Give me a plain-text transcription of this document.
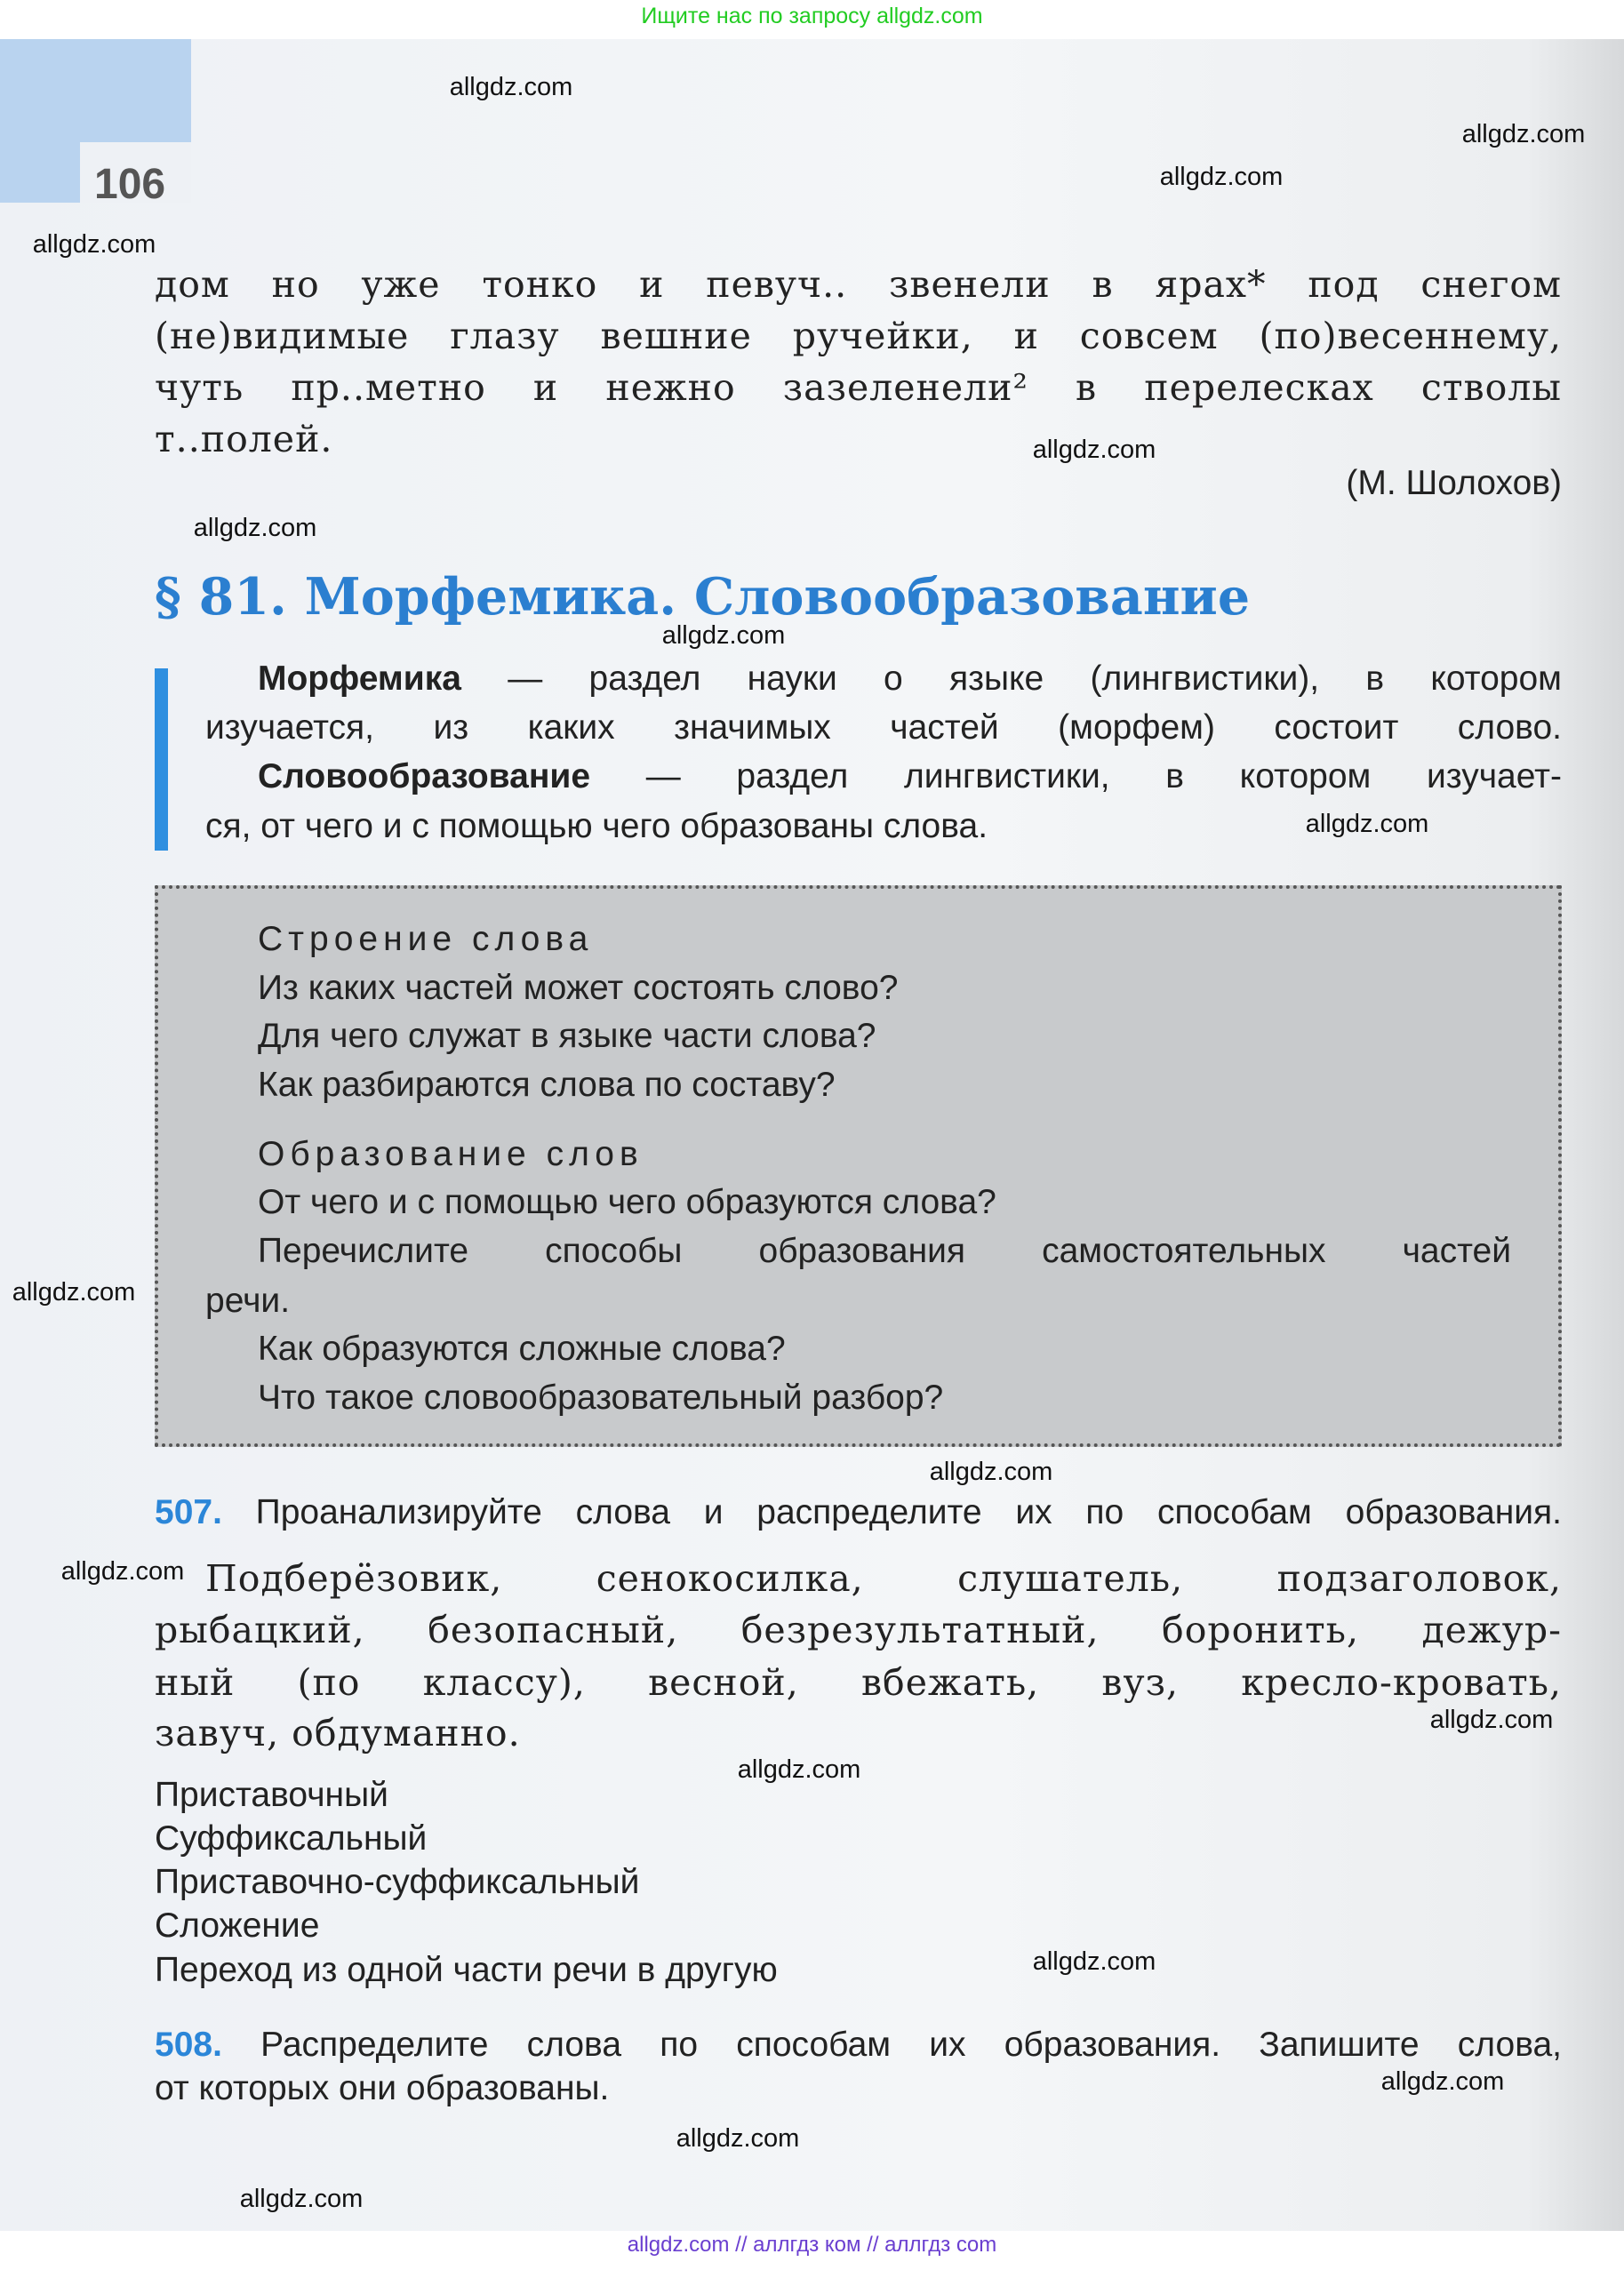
Ищите нас по запросу allgdz.com
106
дом но уже тонко и певуч.. звенели в ярах* под снегом
(не)видимые глазу вешние ручейки, и совсем (по)весеннему,
чуть пр..метно и нежно зазеленели² в перелесках стволы
т..полей.
(М. Шолохов)
§ 81. Морфемика. Словообразование
Морфемика — раздел науки о языке (лингвистики), в котором
изучается, из каких значимых частей (морфем) состоит слово.
Словообразование — раздел лингвистики, в котором изучает-
ся, от чего и с помощью чего образованы слова.
Строение слова
Из каких частей может состоять слово?
Для чего служат в языке части слова?
Как разбираются слова по составу?
Образование слов
От чего и с помощью чего образуются слова?
Перечислите способы образования самостоятельных частей
речи.
Как образуются сложные слова?
Что такое словообразовательный разбор?
507. Проанализируйте слова и распределите их по способам образования.
Подберёзовик, сенокосилка, слушатель, подзаголовок,
рыбацкий, безопасный, безрезультатный, боронить, дежур-
ный (по классу), весной, вбежать, вуз, кресло-кровать,
завуч, обдуманно.
Приставочный
Суффиксальный
Приставочно-суффиксальный
Сложение
Переход из одной части речи в другую
508. Распределите слова по способам их образования. Запишите слова,
от которых они образованы.
allgdz.com
allgdz.com
allgdz.com
allgdz.com
allgdz.com
allgdz.com
allgdz.com
allgdz.com
allgdz.com
allgdz.com
allgdz.com
allgdz.com
allgdz.com
allgdz.com
allgdz.com
allgdz.com
allgdz.com
allgdz.com // аллгдз ком // аллгдз com
